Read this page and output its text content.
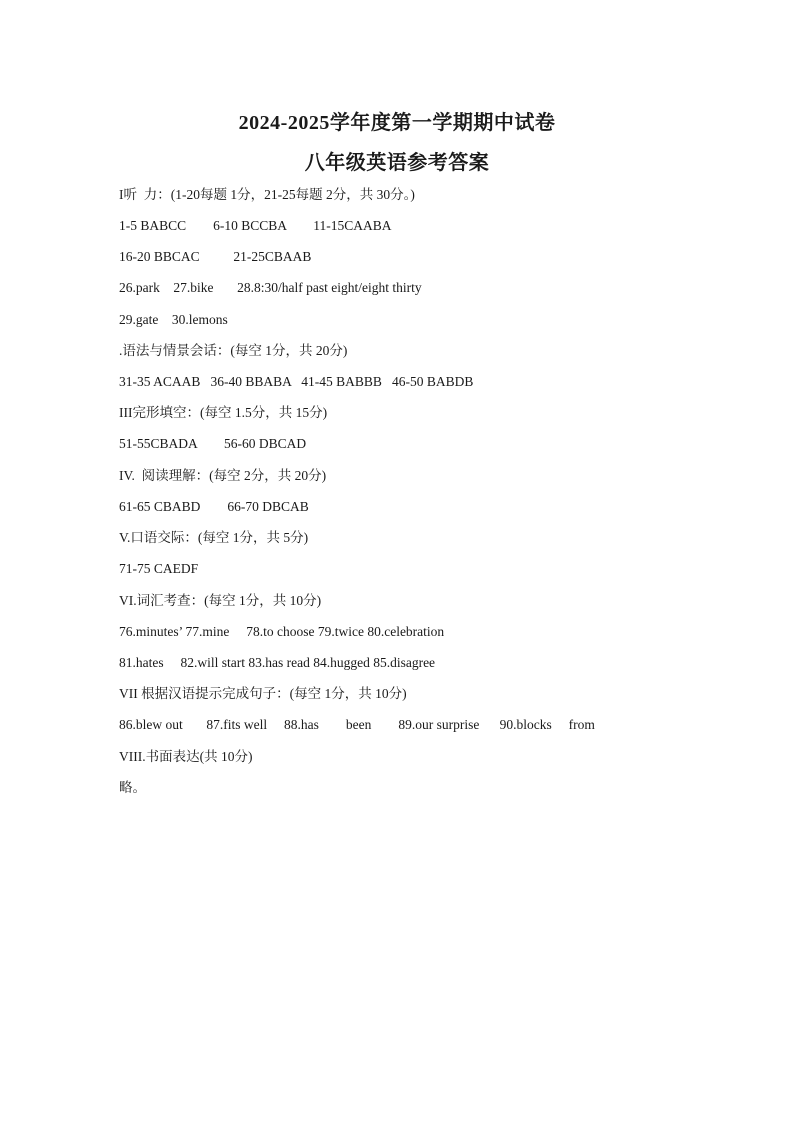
2024-2025学年度第一学期期中试卷
八年级英语参考答案
I听  力：(1-20每题 1分，21-25每题 2分，共 30分。)
1-5 BABCC        6-10 BCCBA        11-15CAABA
16-20 BBCAC          21-25CBAAB
26.park    27.bike       28.8:30/half past eight/eight thirty
29.gate    30.lemons
.语法与情景会话：(每空 1分，共 20分)
31-35 ACAAB   36-40 BBABA   41-45 BABBB   46-50 BABDB
III完形填空：(每空 1.5分，共 15分)
51-55CBADA        56-60 DBCAD
IV.  阅读理解：(每空 2分，共 20分)
61-65 CBABD        66-70 DBCAB
V.口语交际：(每空 1分，共 5分)
71-75 CAEDF
VI.词汇考查：(每空 1分，共 10分)
76.minutes’ 77.mine     78.to choose 79.twice 80.celebration
81.hates     82.will start 83.has read 84.hugged 85.disagree
VII 根据汉语提示完成句子：(每空 1分，共 10分)
86.blew out       87.fits well     88.has        been        89.our surprise      90.blocks     from
VIII.书面表达(共 10分)
略。
